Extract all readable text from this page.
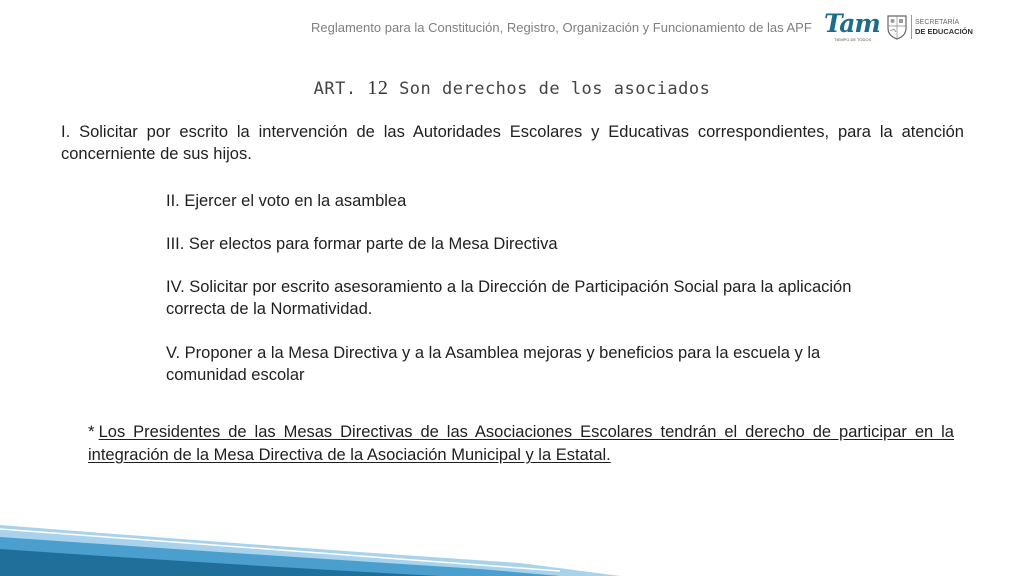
Reglamento para la Constitución, Registro, Organización y Funcionamiento de las APF Tam
TIEMPO DE TODOS
SECRETARÍA
DE EDUCACIÓN
ART. 12 Son derechos de los asociados
I. Solicitar por escrito la intervención de las Autoridades Escolares y Educativas correspondientes, para la atención concerniente de sus hijos.
II. Ejercer el voto en la asamblea
III. Ser electos para formar parte de la Mesa Directiva
IV. Solicitar por escrito asesoramiento a la Dirección de Participación Social para la aplicación correcta de la Normatividad.
V. Proponer a la Mesa Directiva y a la Asamblea mejoras y beneficios para la escuela y la comunidad escolar
* Los Presidentes de las Mesas Directivas de las Asociaciones Escolares tendrán el derecho de participar en la integración de la Mesa Directiva de la Asociación Municipal y la Estatal.
